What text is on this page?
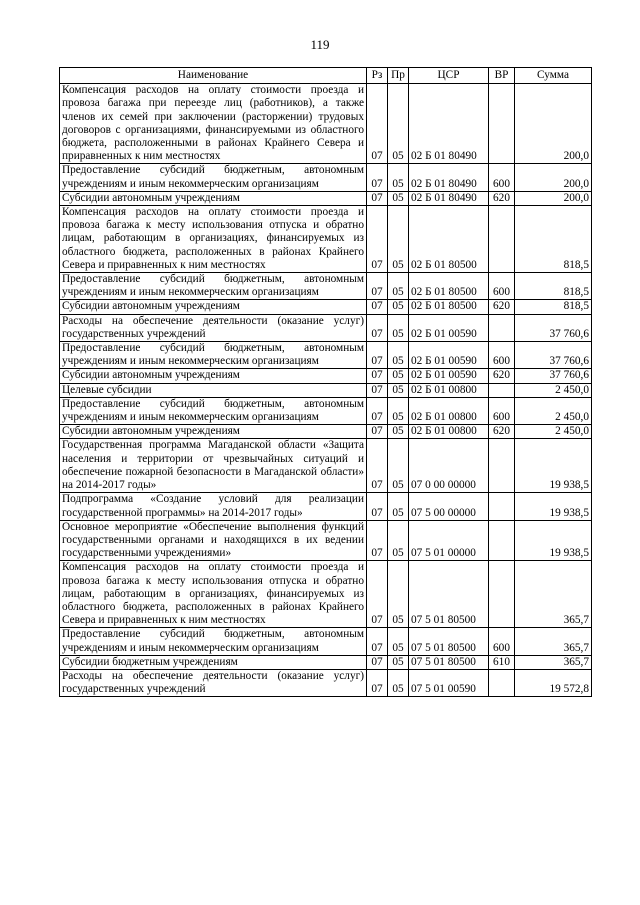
119
Наименование	Рз	Пр	ЦСР	ВР	Сумма
Компенсация расходов на оплату стоимости проезда и провоза багажа при переезде лиц (работников), а также членов их семей при заключении (расторжении) трудовых договоров с организациями, финансируемыми из областного бюджета, расположенными в районах Крайнего Севера и приравненных к ним местностях	07	05	02 Б 01 80490		200,0
Предоставление субсидий бюджетным, автономным учреждениям и иным некоммерческим организациям	07	05	02 Б 01 80490	600	200,0
Субсидии автономным учреждениям	07	05	02 Б 01 80490	620	200,0
Компенсация расходов на оплату стоимости проезда и провоза багажа к месту использования отпуска и обратно лицам, работающим в организациях, финансируемых из областного бюджета, расположенных в районах Крайнего Севера и приравненных к ним местностях	07	05	02 Б 01 80500		818,5
Предоставление субсидий бюджетным, автономным учреждениям и иным некоммерческим организациям	07	05	02 Б 01 80500	600	818,5
Субсидии автономным учреждениям	07	05	02 Б 01 80500	620	818,5
Расходы на обеспечение деятельности (оказание услуг) государственных учреждений	07	05	02 Б 01 00590		37 760,6
Предоставление субсидий бюджетным, автономным учреждениям и иным некоммерческим организациям	07	05	02 Б 01 00590	600	37 760,6
Субсидии автономным учреждениям	07	05	02 Б 01 00590	620	37 760,6
Целевые субсидии	07	05	02 Б 01 00800		2 450,0
Предоставление субсидий бюджетным, автономным учреждениям и иным некоммерческим организациям	07	05	02 Б 01 00800	600	2 450,0
Субсидии автономным учреждениям	07	05	02 Б 01 00800	620	2 450,0
Государственная программа Магаданской области «Защита населения и территории от чрезвычайных ситуаций и обеспечение пожарной безопасности в Магаданской области» на 2014-2017 годы»	07	05	07 0 00 00000		19 938,5
Подпрограмма «Создание условий для реализации государственной программы» на 2014-2017 годы»	07	05	07 5 00 00000		19 938,5
Основное мероприятие «Обеспечение выполнения функций государственными органами и находящихся в их ведении государственными учреждениями»	07	05	07 5 01 00000		19 938,5
Компенсация расходов на оплату стоимости проезда и провоза багажа к месту использования отпуска и обратно лицам, работающим в организациях, финансируемых из областного бюджета, расположенных в районах Крайнего Севера и приравненных к ним местностях	07	05	07 5 01 80500		365,7
Предоставление субсидий бюджетным, автономным учреждениям и иным некоммерческим организациям	07	05	07 5 01 80500	600	365,7
Субсидии бюджетным учреждениям	07	05	07 5 01 80500	610	365,7
Расходы на обеспечение деятельности (оказание услуг) государственных учреждений	07	05	07 5 01 00590		19 572,8
